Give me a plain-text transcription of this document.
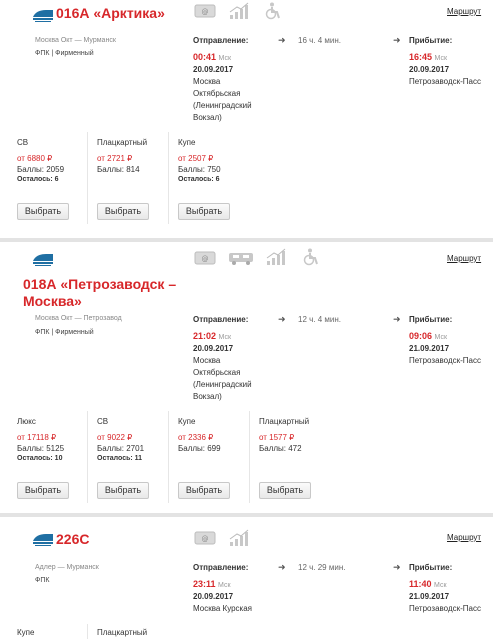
016А «Арктика»	@	Маршрут
Москва Окт — Мурманск
ФПК | Фирменный
Отправление:	➜ 16 ч. 4 мин.	➜ Прибытие:
00:41 Мск
20.09.2017
Москва
Октябрьская
(Ленинградский
Вокзал)
16:45 Мск
20.09.2017
Петрозаводск-Пасс
СВ
от 6880 ₽
Баллы: 2059
Осталось: 6
Плацкартный
от 2721 ₽
Баллы: 814
Купе
от 2507 ₽
Баллы: 750
Осталось: 6
Выбрать	Выбрать	Выбрать
018А «Петрозаводск –
Москва»
@	Маршрут
Москва Окт — Петрозавод
ФПК | Фирменный
Отправление:	➜ 12 ч. 4 мин.	➜ Прибытие:
21:02 Мск
20.09.2017
Москва
Октябрьская
(Ленинградский
Вокзал)
09:06 Мск
21.09.2017
Петрозаводск-Пасс
Люкс
от 17118 ₽
Баллы: 5125
Осталось: 10
СВ
от 9022 ₽
Баллы: 2701
Осталось: 11
Купе
от 2336 ₽
Баллы: 699
Плацкартный
от 1577 ₽
Баллы: 472
Выбрать	Выбрать	Выбрать	Выбрать
226С	@	Маршрут
Адлер — Мурманск
ФПК
Отправление:	➜ 12 ч. 29 мин.	➜ Прибытие:
23:11 Мск
20.09.2017
Москва Курская
11:40 Мск
21.09.2017
Петрозаводск-Пасс
Купе	Плацкартный
